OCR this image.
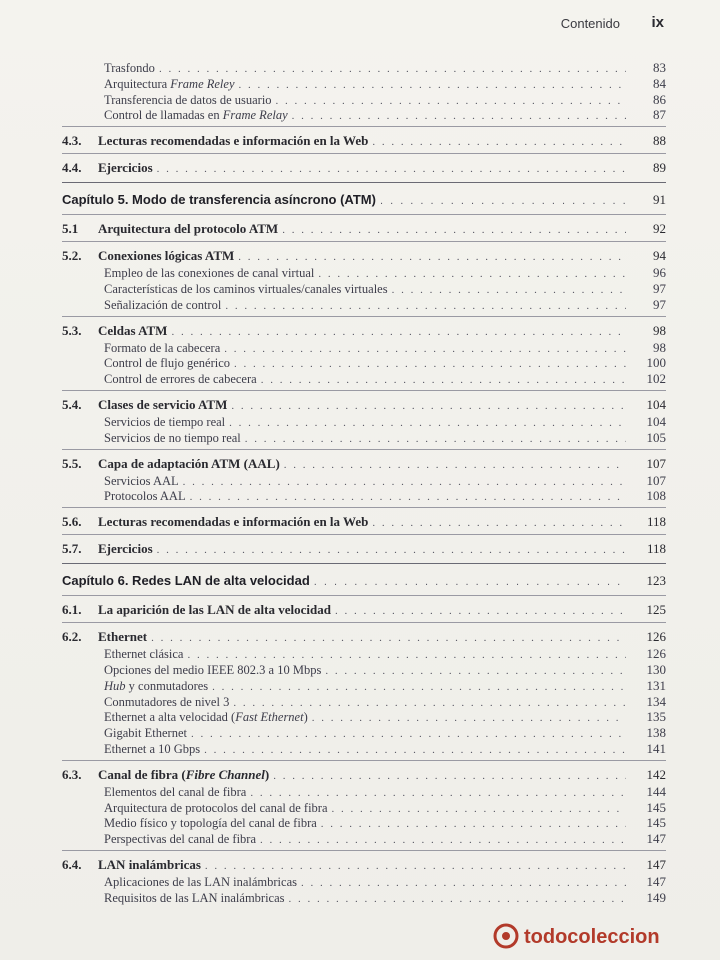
Contenido ix
Trasfondo . . .	83
Arquitectura Frame Reley . . .	84
Transferencia de datos de usuario . . .	86
Control de llamadas en Frame Relay . . .	87
4.3.	Lecturas recomendadas e información en la Web . . .	88
4.4.	Ejercicios . . .	89
Capítulo 5. Modo de transferencia asíncrono (ATM) . . .	91
5.1	Arquitectura del protocolo ATM . . .	92
5.2.	Conexiones lógicas ATM . . .	94
Empleo de las conexiones de canal virtual . . .	96
Características de los caminos virtuales/canales virtuales . . .	97
Señalización de control . . .	97
5.3.	Celdas ATM . . .	98
Formato de la cabecera . . .	98
Control de flujo genérico . . .	100
Control de errores de cabecera . . .	102
5.4.	Clases de servicio ATM . . .	104
Servicios de tiempo real . . .	104
Servicios de no tiempo real . . .	105
5.5.	Capa de adaptación ATM (AAL) . . .	107
Servicios AAL . . .	107
Protocolos AAL . . .	108
5.6.	Lecturas recomendadas e información en la Web . . .	118
5.7.	Ejercicios . . .	118
Capítulo 6. Redes LAN de alta velocidad . . .	123
6.1.	La aparición de las LAN de alta velocidad . . .	125
6.2.	Ethernet . . .	126
Ethernet clásica . . .	126
Opciones del medio IEEE 802.3 a 10 Mbps . . .	130
Hub y conmutadores . . .	131
Conmutadores de nivel 3 . . .	134
Ethernet a alta velocidad (Fast Ethernet) . . .	135
Gigabit Ethernet . . .	138
Ethernet a 10 Gbps . . .	141
6.3.	Canal de fibra (Fibre Channel) . . .	142
Elementos del canal de fibra . . .	144
Arquitectura de protocolos del canal de fibra . . .	145
Medio físico y topología del canal de fibra . . .	145
Perspectivas del canal de fibra . . .	147
6.4.	LAN inalámbricas . . .	147
Aplicaciones de las LAN inalámbricas . . .	147
Requisitos de las LAN inalámbricas . . .	149
todocoleccion
